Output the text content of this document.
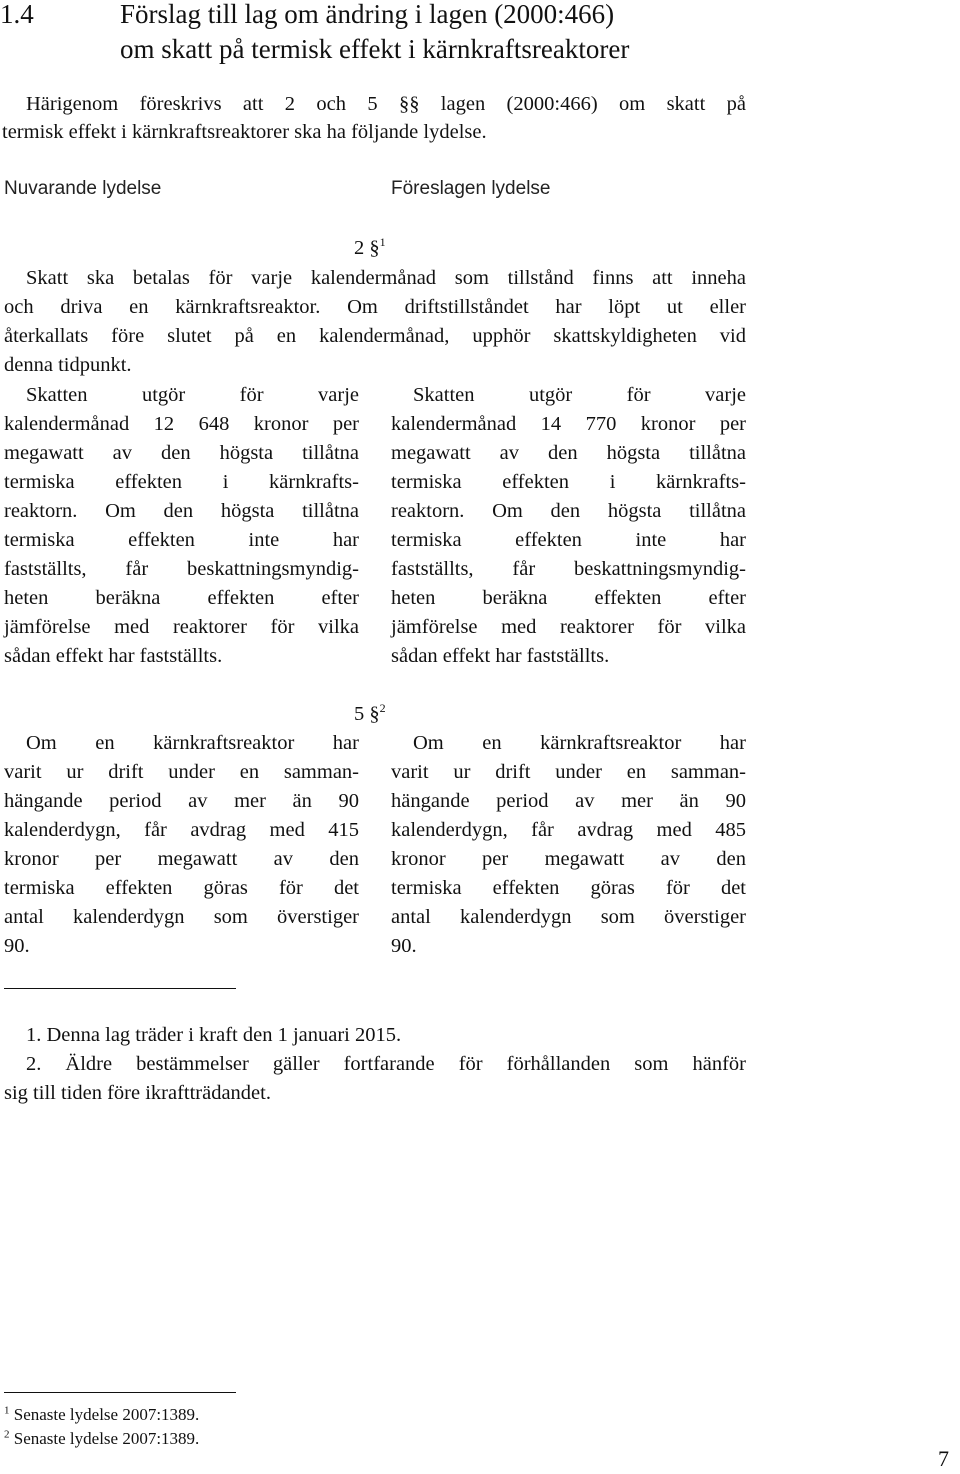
1.4	Förslag till lag om ändring i lagen (2000:466)
om skatt på termisk effekt i kärnkraftsreaktorer
Härigenom föreskrivs att 2 och 5 §§ lagen (2000:466) om skatt på
termisk effekt i kärnkraftsreaktorer ska ha följande lydelse.
Nuvarande lydelse	Föreslagen lydelse
2 §$^1$
Skatt ska betalas för varje kalendermånad som tillstånd finns att inneha
och driva en kärnkraftsreaktor. Om driftstillståndet har löpt ut eller
återkallats före slutet på en kalendermånad, upphör skattskyldigheten vid
denna tidpunkt.
Skatten utgör för varje
kalendermånad 12 648 kronor per
megawatt av den högsta tillåtna
termiska effekten i kärnkrafts-
reaktorn. Om den högsta tillåtna
termiska effekten inte har
fastställts, får beskattningsmyndig-
heten beräkna effekten efter
jämförelse med reaktorer för vilka
sådan effekt har fastställts.
Skatten utgör för varje
kalendermånad 14 770 kronor per
megawatt av den högsta tillåtna
termiska effekten i kärnkrafts-
reaktorn. Om den högsta tillåtna
termiska effekten inte har
fastställts, får beskattningsmyndig-
heten beräkna effekten efter
jämförelse med reaktorer för vilka
sådan effekt har fastställts.
5 §$^2$
Om en kärnkraftsreaktor har
varit ur drift under en samman-
hängande period av mer än 90
kalenderdygn, får avdrag med 415
kronor per megawatt av den
termiska effekten göras för det
antal kalenderdygn som överstiger
90.
Om en kärnkraftsreaktor har
varit ur drift under en samman-
hängande period av mer än 90
kalenderdygn, får avdrag med 485
kronor per megawatt av den
termiska effekten göras för det
antal kalenderdygn som överstiger
90.
1. Denna lag träder i kraft den 1 januari 2015.
2. Äldre bestämmelser gäller fortfarande för förhållanden som hänför
sig till tiden före ikraftträdandet.
$^1$ Senaste lydelse 2007:1389.
$^2$ Senaste lydelse 2007:1389.
7
